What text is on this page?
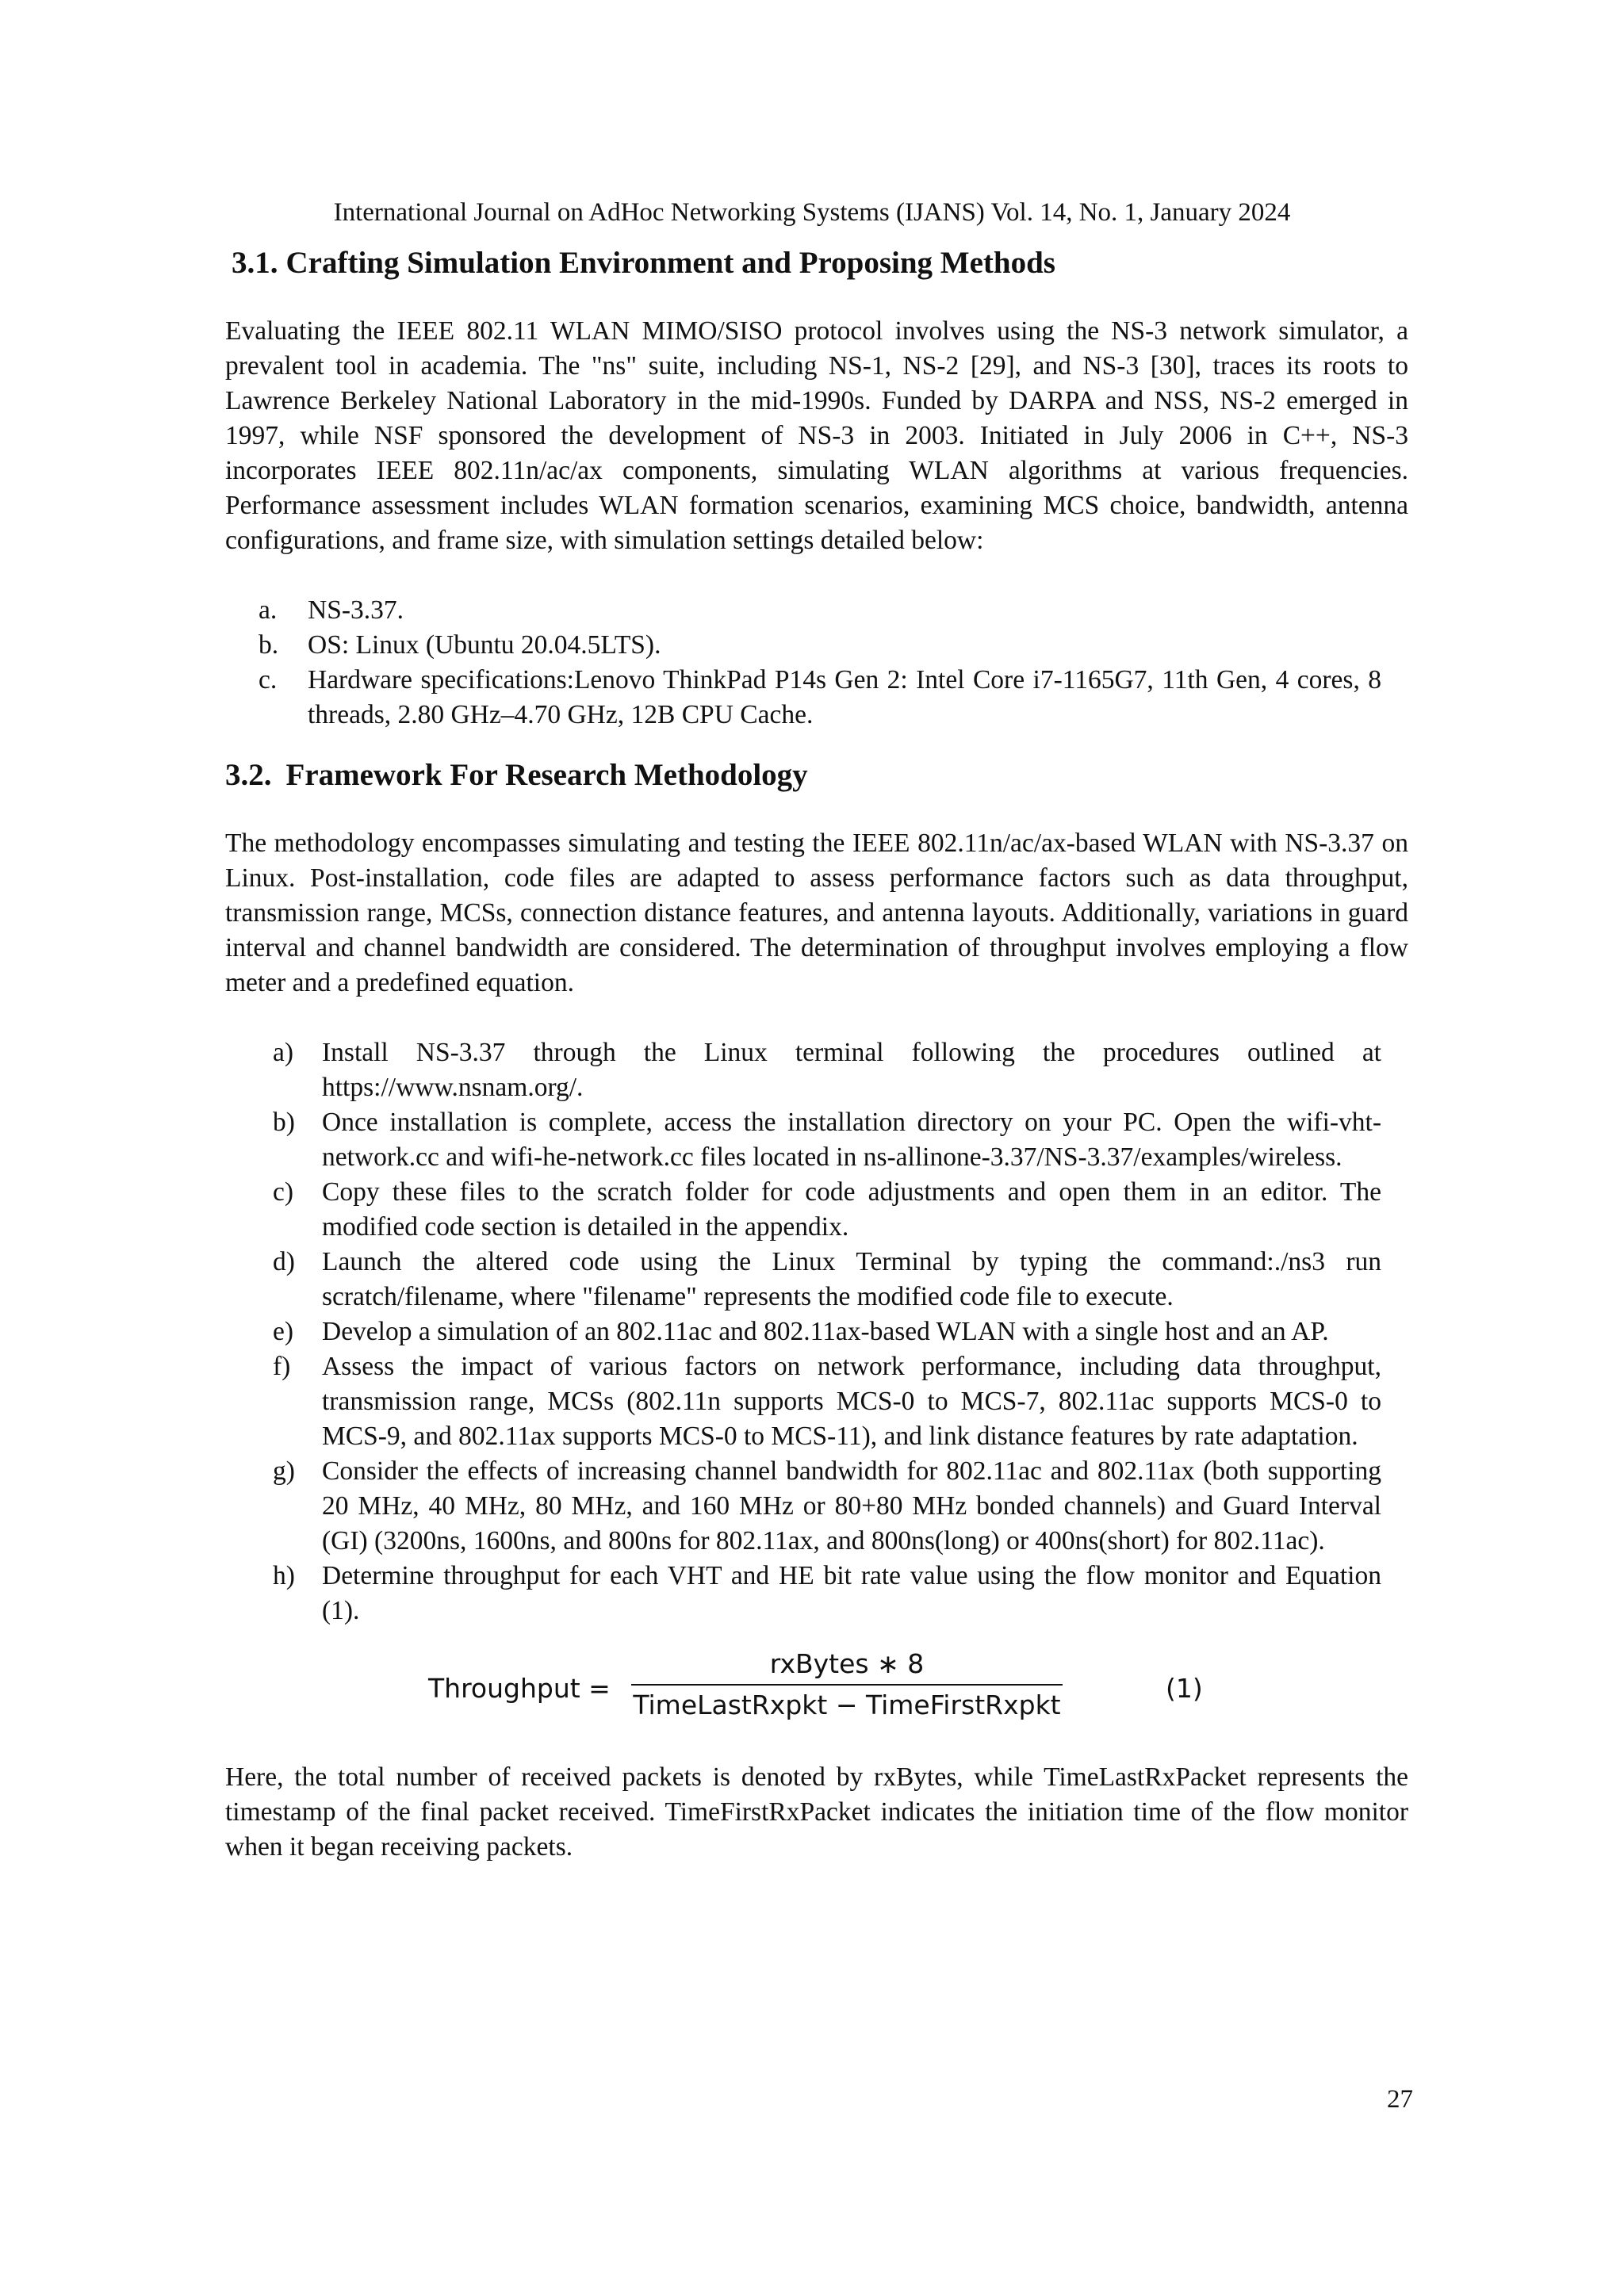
International Journal on AdHoc Networking Systems (IJANS) Vol. 14, No. 1, January 2024
3.1. Crafting Simulation Environment and Proposing Methods

Evaluating the IEEE 802.11 WLAN MIMO/SISO protocol involves using the NS-3 network simulator, a prevalent tool in academia. The "ns" suite, including NS-1, NS-2 [29], and NS-3 [30], traces its roots to Lawrence Berkeley National Laboratory in the mid-1990s. Funded by DARPA and NSS, NS-2 emerged in 1997, while NSF sponsored the development of NS-3 in 2003. Initiated in July 2006 in C++, NS-3 incorporates IEEE 802.11n/ac/ax components, simulating WLAN algorithms at various frequencies. Performance assessment includes WLAN formation scenarios, examining MCS choice, bandwidth, antenna configurations, and frame size, with simulation settings detailed below:

a.	NS-3.37.
b.	OS: Linux (Ubuntu 20.04.5LTS).
c.	Hardware specifications:Lenovo ThinkPad P14s Gen 2: Intel Core i7-1165G7, 11th Gen, 4 cores, 8 threads, 2.80 GHz–4.70 GHz, 12B CPU Cache.
3.2. Framework For Research Methodology

The methodology encompasses simulating and testing the IEEE 802.11n/ac/ax-based WLAN with NS-3.37 on Linux. Post-installation, code files are adapted to assess performance factors such as data throughput, transmission range, MCSs, connection distance features, and antenna layouts. Additionally, variations in guard interval and channel bandwidth are considered. The determination of throughput involves employing a flow meter and a predefined equation.

a)	Install NS-3.37 through the Linux terminal following the procedures outlined at https://www.nsnam.org/.
b)	Once installation is complete, access the installation directory on your PC. Open the wifi-vht-network.cc and wifi-he-network.cc files located in ns-allinone-3.37/NS-3.37/examples/wireless.
c)	Copy these files to the scratch folder for code adjustments and open them in an editor. The modified code section is detailed in the appendix.
d)	Launch the altered code using the Linux Terminal by typing the command:./ns3 run scratch/filename, where "filename" represents the modified code file to execute.
e)	Develop a simulation of an 802.11ac and 802.11ax-based WLAN with a single host and an AP.
f)	Assess the impact of various factors on network performance, including data throughput, transmission range, MCSs (802.11n supports MCS-0 to MCS-7, 802.11ac supports MCS-0 to MCS-9, and 802.11ax supports MCS-0 to MCS-11), and link distance features by rate adaptation.
g)	Consider the effects of increasing channel bandwidth for 802.11ac and 802.11ax (both supporting 20 MHz, 40 MHz, 80 MHz, and 160 MHz or 80+80 MHz bonded channels) and Guard Interval (GI) (3200ns, 1600ns, and 800ns for 802.11ax, and 800ns(long) or 400ns(short) for 802.11ac).
h)	Determine throughput for each VHT and HE bit rate value using the flow monitor and Equation (1).
Throughput =
rxBytes ∗ 8
TimeLastRxpkt − TimeFirstRxpkt
(1)

Here, the total number of received packets is denoted by rxBytes, while TimeLastRxPacket represents the timestamp of the final packet received. TimeFirstRxPacket indicates the initiation time of the flow monitor when it began receiving packets.

27
